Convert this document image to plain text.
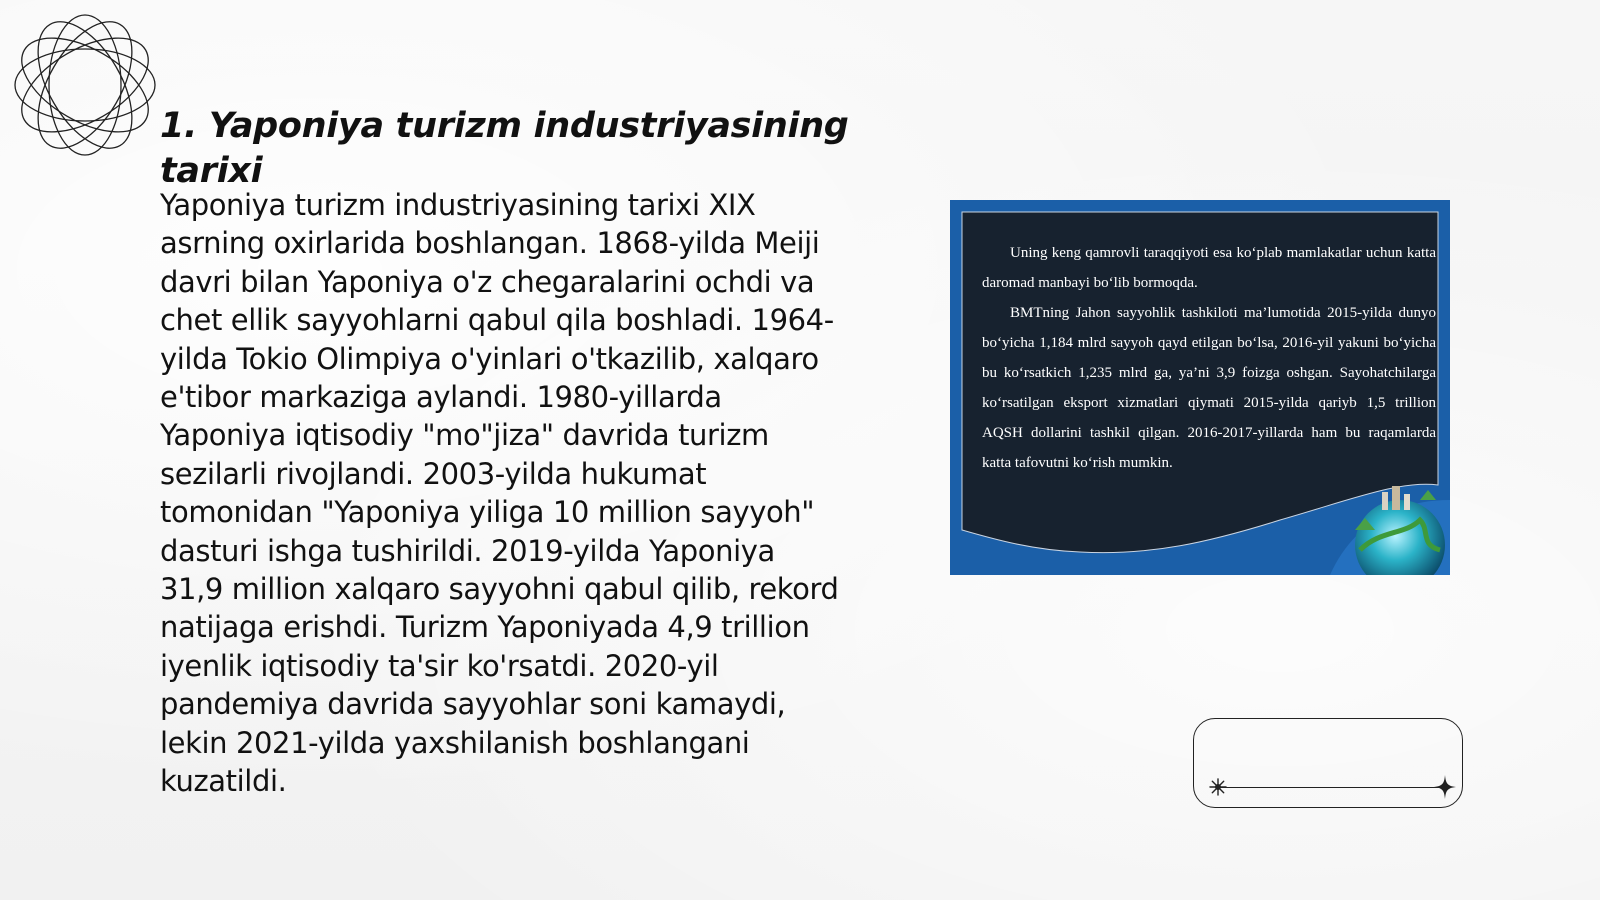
1. Yaponiya turizm industriyasining tarixi

Yaponiya turizm industriyasining tarixi XIX asrning oxirlarida boshlangan. 1868-yilda Meiji davri bilan Yaponiya o'z chegaralarini ochdi va chet ellik sayyohlarni qabul qila boshladi. 1964-yilda Tokio Olimpiya o'yinlari o'tkazilib, xalqaro e'tibor markaziga aylandi. 1980-yillarda Yaponiya iqtisodiy "mo"jiza" davrida turizm sezilarli rivojlandi. 2003-yilda hukumat tomonidan "Yaponiya yiliga 10 million sayyoh" dasturi ishga tushirildi. 2019-yilda Yaponiya 31,9 million xalqaro sayyohni qabul qilib, rekord natijaga erishdi. Turizm Yaponiyada 4,9 trillion iyenlik iqtisodiy ta'sir ko'rsatdi. 2020-yil pandemiya davrida sayyohlar soni kamaydi, lekin 2021-yilda yaxshilanish boshlangani kuzatildi.

Uning keng qamrovli taraqqiyoti esa ko‘plab mamlakatlar uchun katta daromad manbayi bo‘lib bormoqda.

BMTning Jahon sayyohlik tashkiloti ma’lumotida 2015-yilda dunyo bo‘yicha 1,184 mlrd sayyoh qayd etilgan bo‘lsa, 2016-yil yakuni bo‘yicha bu ko‘rsatkich 1,235 mlrd ga, ya’ni 3,9 foizga oshgan. Sayohatchilarga ko‘rsatilgan eksport xizmatlari qiymati 2015-yilda qariyb 1,5 trillion AQSH dollarini tashkil qilgan. 2016-2017-yillarda ham bu raqamlarda katta tafovutni ko‘rish mumkin.
